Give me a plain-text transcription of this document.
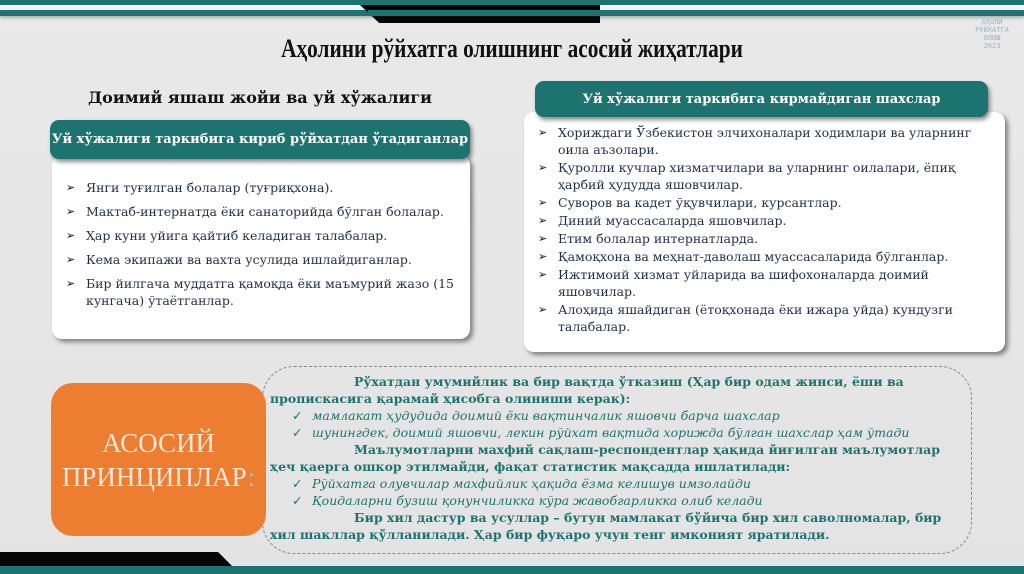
АҲОЛИ
РЎЙХАТГА
ОЛИШ
2023
Аҳолини рўйхатга олишнинг асосий жиҳатлари
Доимий яшаш жойи ва уй хўжалиги
Уй хўжалиги таркибига кириб рўйхатдан ўтадиганлар
➢ Янги туғилган болалар (туғриқхона).
➢ Мактаб-интернатда ёки санаторийда бўлган болалар.
➢ Ҳар куни уйига қайтиб келадиган талабалар.
➢ Кема экипажи ва вахта усулида ишлайдиганлар.
➢ Бир йилгача муддатга қамоқда ёки маъмурий жазо (15 кунгача) ўтаётганлар.
Уй хўжалиги таркибига кирмайдиган шахслар
➢ Хориждаги Ўзбекистон элчихоналари ходимлари ва уларнинг оила аъзолари.
➢ Қуролли кучлар хизматчилари ва уларнинг оилалари, ёпиқ ҳарбий ҳудудда яшовчилар.
➢ Суворов ва кадет ўқувчилари, курсантлар.
➢ Диний муассасаларда яшовчилар.
➢ Етим болалар интернатларда.
➢ Қамоқхона ва меҳнат-даволаш муассасаларида бўлганлар.
➢ Ижтимоий хизмат уйларида ва шифохоналарда доимий яшовчилар.
➢ Алоҳида яшайдиган (ётоқхонада ёки ижара уйда) кундузги талабалар.
АСОСИЙ
ПРИНЦИПЛАР:
Рўхатдан умумийлик ва бир вақтда ўтказиш (Ҳар бир одам жинси, ёши ва пропискасига қарамай ҳисобга олиниши керак):
✓ мамлакат ҳудудида доимий ёки вақтинчалик яшовчи барча шахслар
✓ шунингдек, доимий яшовчи, лекин рўйхат вақтида хорижда бўлган шахслар ҳам ўтади
Маълумотларни махфий сақлаш-респондентлар ҳақида йиғилган маълумотлар ҳеч қаерга ошкор этилмайди, фақат статистик мақсадда ишлатилади:
✓ Рўйхатга олувчилар махфийлик ҳақида ёзма келишув имзолайди
✓ Қоидаларни бузиш қонунчиликка кўра жавобгарликка олиб келади
Бир хил дастур ва усуллар – бутун мамлакат бўйича бир хил саволномалар, бир хил шакллар қўлланилади. Ҳар бир фуқаро учун тенг имконият яратилади.
